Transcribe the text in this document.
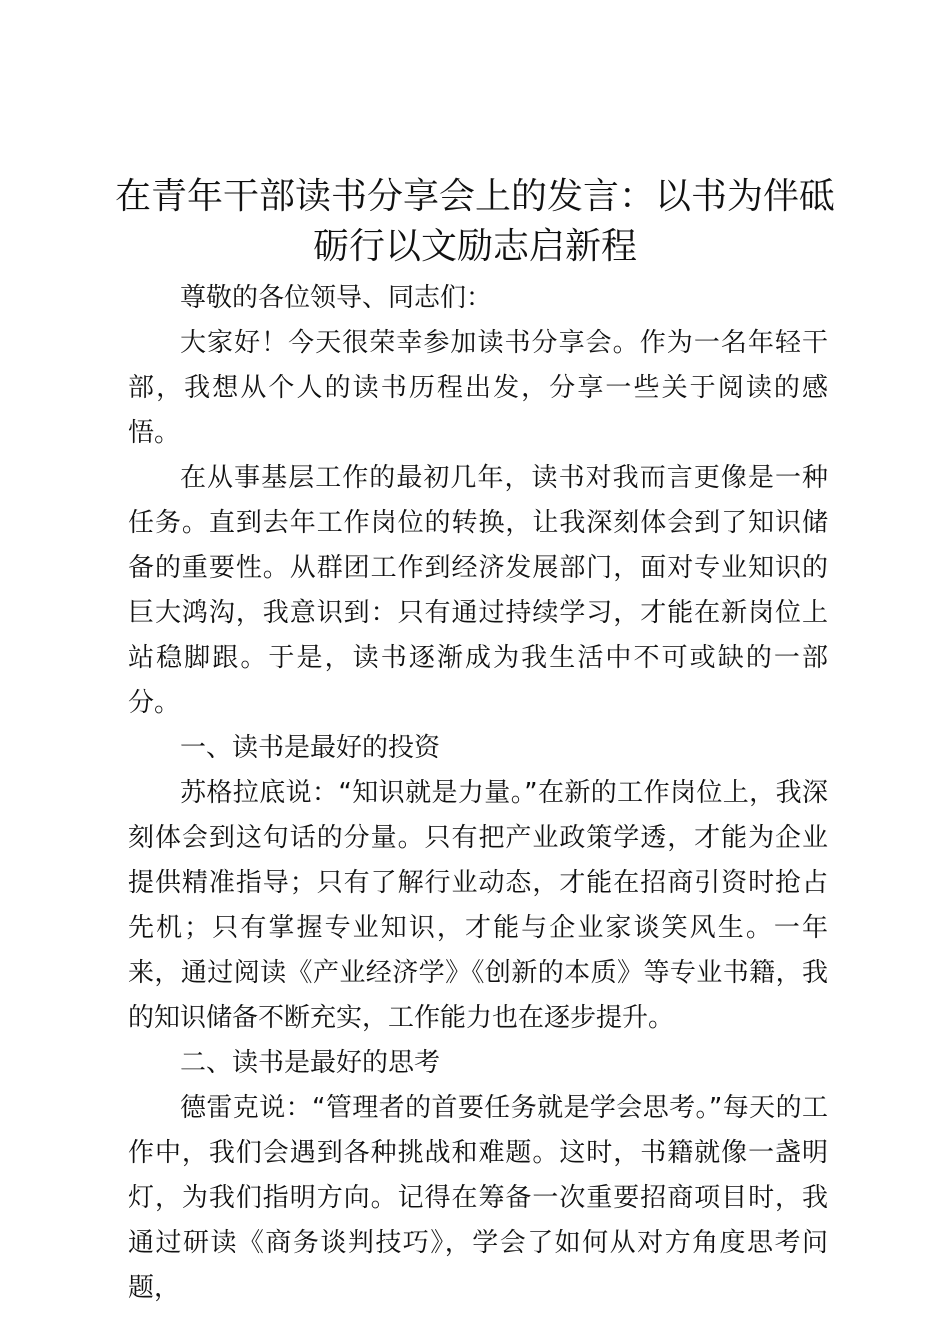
在青年干部读书分享会上的发言：以书为伴砥
砺行以文励志启新程

尊敬的各位领导、同志们：

大家好！今天很荣幸参加读书分享会。作为一名年轻干部，我想从个人的读书历程出发，分享一些关于阅读的感悟。

在从事基层工作的最初几年，读书对我而言更像是一种任务。直到去年工作岗位的转换，让我深刻体会到了知识储备的重要性。从群团工作到经济发展部门，面对专业知识的巨大鸿沟，我意识到：只有通过持续学习，才能在新岗位上站稳脚跟。于是，读书逐渐成为我生活中不可或缺的一部分。

一、读书是最好的投资

苏格拉底说：“知识就是力量。”在新的工作岗位上，我深刻体会到这句话的分量。只有把产业政策学透，才能为企业提供精准指导；只有了解行业动态，才能在招商引资时抢占先机；只有掌握专业知识，才能与企业家谈笑风生。一年来，通过阅读《产业经济学》《创新的本质》等专业书籍，我的知识储备不断充实，工作能力也在逐步提升。

二、读书是最好的思考

德雷克说：“管理者的首要任务就是学会思考。”每天的工作中，我们会遇到各种挑战和难题。这时，书籍就像一盏明灯，为我们指明方向。记得在筹备一次重要招商项目时，我通过研读《商务谈判技巧》，学会了如何从对方角度思考问题，
